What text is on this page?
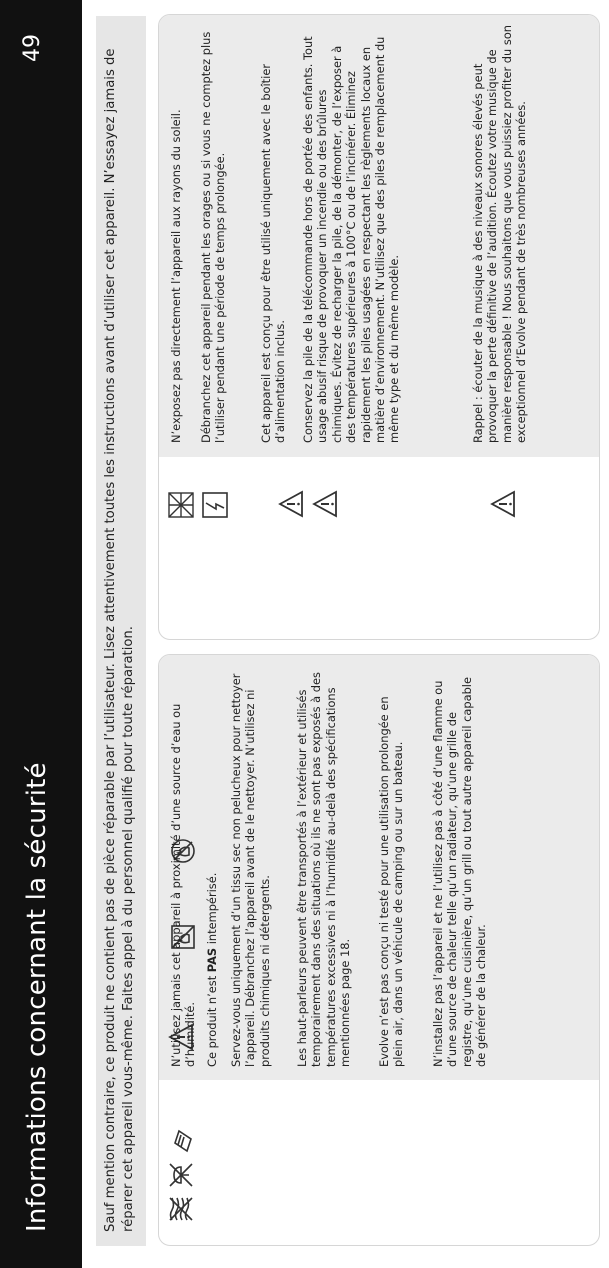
Informations concernant la sécurité
49

Sauf mention contraire, ce produit ne contient pas de pièce réparable par l’utilisateur. Lisez attentivement toutes les instructions avant d’utiliser cet appareil. N’essayez jamais de réparer cet appareil vous-même. Faites appel à du personnel qualifié pour toute réparation.	N’utilisez jamais cet appareil à proximité d’une source d’eau ou d’humidité. Ce produit n’est PAS intempérisé. Servez-vous uniquement d’un tissu sec non pelucheux pour nettoyer l’appareil. Débranchez l’appareil avant de le nettoyer. N’utilisez ni produits chimiques ni détergents. Les haut-parleurs peuvent être transportés à l’extérieur et utilisés temporairement dans des situations où ils ne sont pas exposés à des températures excessives ni à l’humidité au-delà des spécifications mentionnées page 18. Evolve n’est pas conçu ni testé pour une utilisation prolongée en plein air, dans un véhicule de camping ou sur un bateau. N’installez pas l’appareil et ne l’utilisez pas à côté d’une flamme ou d’une source de chaleur telle qu’un radiateur, qu’une grille de registre, qu’une cuisinière, qu’un grill ou tout autre appareil capable de générer de la chaleur.

N’exposez pas directement l’appareil aux rayons du soleil. Débranchez cet appareil pendant les orages ou si vous ne comptez plus l’utiliser pendant une période de temps prolongée.	Cet appareil est conçu pour être utilisé uniquement avec le boîtier d’alimentation inclus. Conservez la pile de la télécommande hors de portée des enfants. Tout usage abusif risque de provoquer un incendie ou des brûlures chimiques. Évitez de recharger la pile, de la démonter, de l’exposer à des températures supérieures à 100°C ou de l’incinérer. Éliminez rapidement les piles usagées en respectant les règlements locaux en matière d’environnement. N’utilisez que des piles de remplacement du même type et du même modèle.	Rappel : écouter de la musique à des niveaux sonores élevés peut provoquer la perte définitive de l’audition. Écoutez votre musique de manière responsable ! Nous souhaitons que vous puissiez profiter du son exceptionnel d’Evolve pendant de très nombreuses années.
